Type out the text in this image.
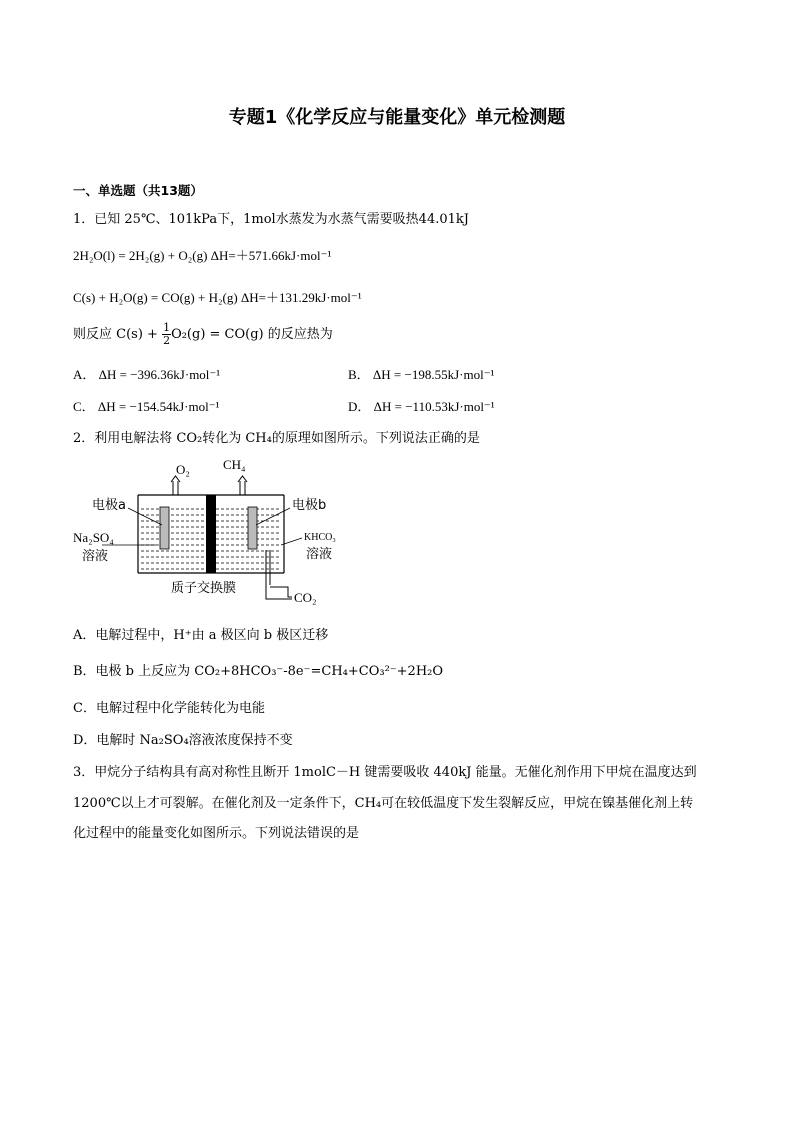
专题1《化学反应与能量变化》单元检测题
一、单选题（共13题）
1．已知 25℃、101kPa下，1mol水蒸发为水蒸气需要吸热44.01kJ
2H₂O(l) = 2H₂(g) + O₂(g) ΔH=＋571.66kJ·mol⁻¹
C(s) + H₂O(g) = CO(g) + H₂(g) ΔH=＋131.29kJ·mol⁻¹
则反应 $C(s) + \frac{1}{2} O_2(g) = CO(g)$ 的反应热为
A． ΔH = −396.36kJ·mol⁻¹	B． ΔH = −198.55kJ·mol⁻¹
C． ΔH = −154.54kJ·mol⁻¹	D． ΔH = −110.53kJ·mol⁻¹
2．利用电解法将 CO₂转化为 CH₄的原理如图所示。下列说法正确的是
O₂	CH₄
电极a	电极b
Na₂SO₄
溶液
KHCO₃
溶液
质子交换膜
CO₂
A．电解过程中，H⁺由 a 极区向 b 极区迁移
B．电极 b 上反应为 CO₂+8HCO₃⁻-8e⁻=CH₄+CO₃²⁻+2H₂O
C．电解过程中化学能转化为电能
D．电解时 Na₂SO₄溶液浓度保持不变
3．甲烷分子结构具有高对称性且断开 1molC－H 键需要吸收 440kJ 能量。无催化剂作用下甲烷在温度达到
1200℃以上才可裂解。在催化剂及一定条件下，CH₄可在较低温度下发生裂解反应，甲烷在镍基催化剂上转
化过程中的能量变化如图所示。下列说法错误的是
